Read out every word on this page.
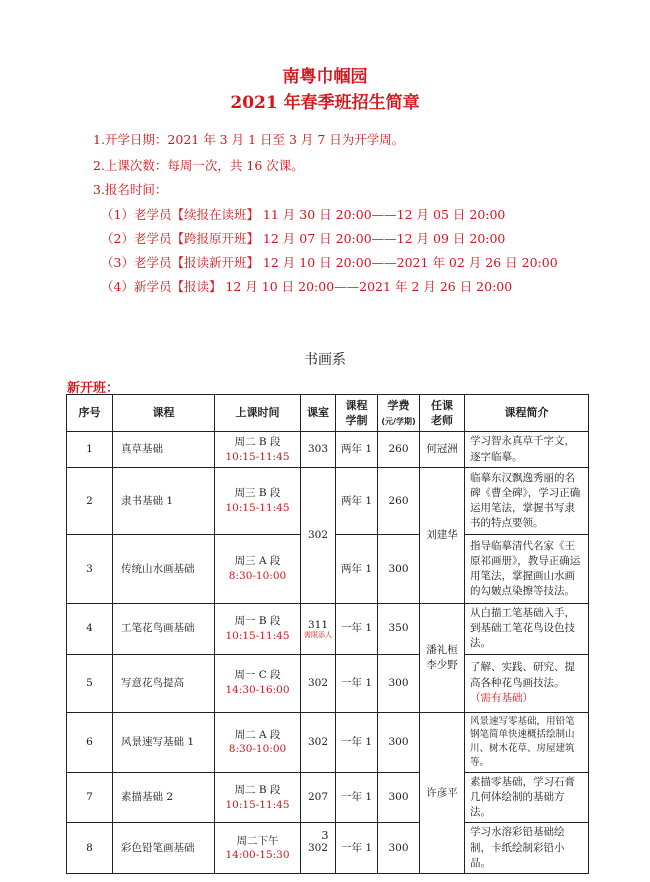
南粤巾帼园
2021 年春季班招生简章
1.开学日期：2021 年 3 月 1 日至 3 月 7 日为开学周。
2.上课次数：每周一次，共 16 次课。
3.报名时间：
（1）老学员【续报在读班】 11 月 30 日 20:00——12 月 05 日 20:00
（2）老学员【跨报原开班】 12 月 07 日 20:00——12 月 09 日 20:00
（3）老学员【报读新开班】 12 月 10 日 20:00——2021 年 02 月 26 日 20:00
（4）新学员【报读】 12 月 10 日 20:00——2021 年 2 月 26 日 20:00
书画系
新开班：
序号	课程	上课时间	课室	课程
学制	学费
(元/学期)	任课
老师	课程简介
1	真草基础	周二 B 段
10:15-11:45	303	两年 1	260	何冠洲	学习智永真草千字文，逐字临摹。
2	隶书基础 1	周三 B 段
10:15-11:45	302	两年 1	260	刘建华	临摹东汉飘逸秀丽的名碑《曹全碑》，学习正确运用笔法，掌握书写隶书的特点要领。
3	传统山水画基础	周三 A 段
8:30-10:00		两年 1	300		指导临摹清代名家《王原祁画册》，教导正确运用笔法，掌握画山水画的勾皴点染擦等技法。
4	工笔花鸟画基础	周一 B 段
10:15-11:45	311
需限添人	一年 1	350	潘礼桓
李少野	从白描工笔基础入手，到基础工笔花鸟设色技法。
5	写意花鸟提高	周一 C 段
14:30-16:00	302	一年 1	300		了解、实践、研究、提高各种花鸟画技法。
（需有基础）
6	风景速写基础 1	周二 A 段
8:30-10:00	302	一年 1	300	许彦平	风景速写零基础，用铅笔钢笔简单快速概括绘制山川、树木花草、房屋建筑等。
7	素描基础 2	周二 B 段
10:15-11:45	207	一年 1	300		素描零基础，学习石膏几何体绘制的基础方法。
8	彩色铅笔画基础	周二下午
14:00-15:30	302	一年 1	300		学习水溶彩铅基础绘制，卡纸绘制彩铅小品。
3
